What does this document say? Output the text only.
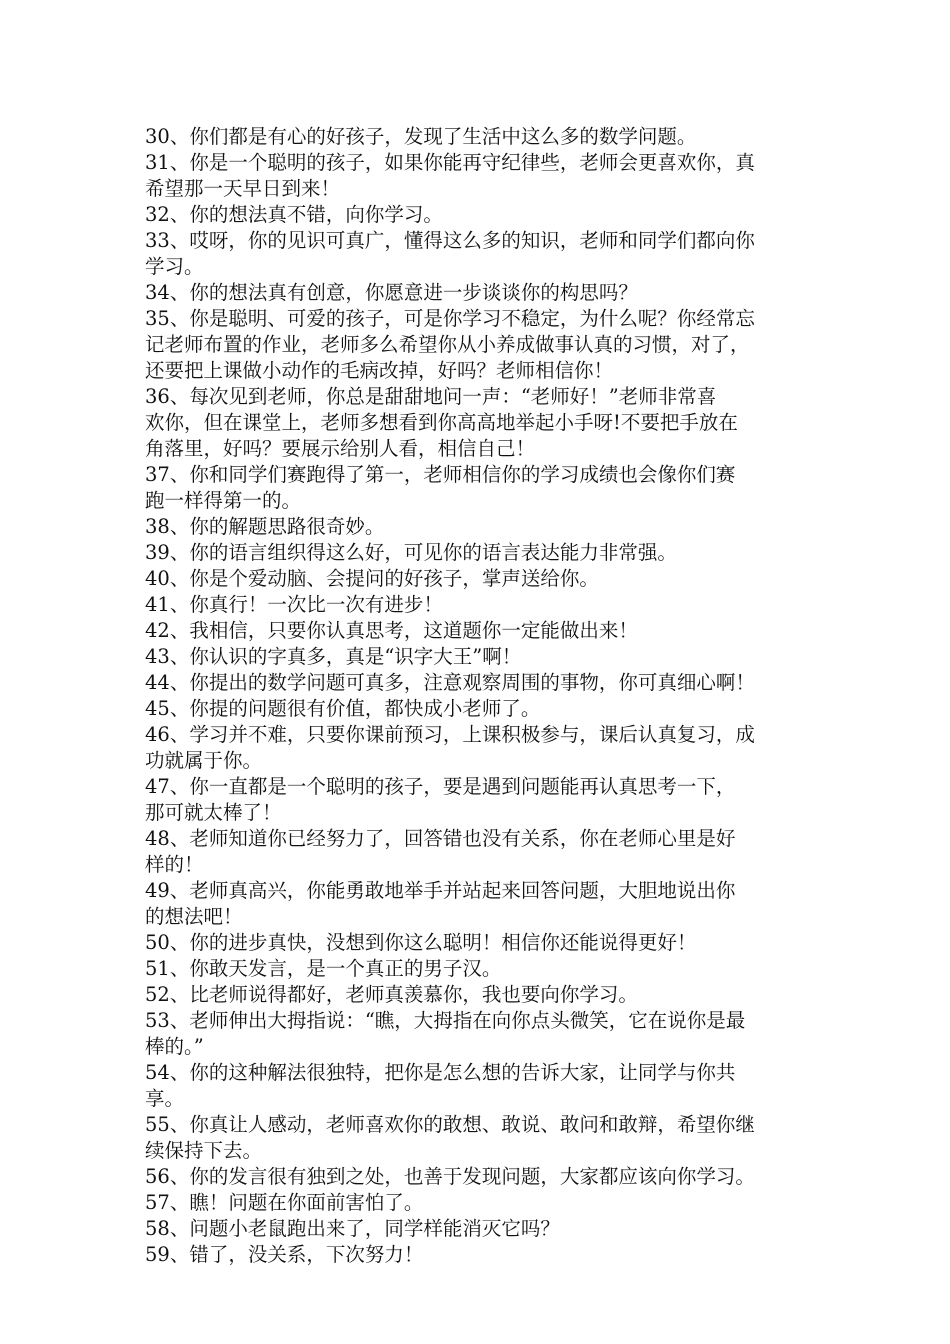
30、你们都是有心的好孩子，发现了生活中这么多的数学问题。

31、你是一个聪明的孩子，如果你能再守纪律些，老师会更喜欢你，真

希望那一天早日到来！

32、你的想法真不错，向你学习。

33、哎呀，你的见识可真广，懂得这么多的知识，老师和同学们都向你

学习。

34、你的想法真有创意，你愿意进一步谈谈你的构思吗？

35、你是聪明、可爱的孩子，可是你学习不稳定，为什么呢？你经常忘

记老师布置的作业，老师多么希望你从小养成做事认真的习惯，对了，

还要把上课做小动作的毛病改掉，好吗？老师相信你！

36、每次见到老师，你总是甜甜地问一声：“老师好！”老师非常喜

欢你，但在课堂上，老师多想看到你高高地举起小手呀!不要把手放在

角落里，好吗？要展示给别人看，相信自己！

37、你和同学们赛跑得了第一，老师相信你的学习成绩也会像你们赛

跑一样得第一的。

38、你的解题思路很奇妙。

39、你的语言组织得这么好，可见你的语言表达能力非常强。

40、你是个爱动脑、会提问的好孩子，掌声送给你。

41、你真行！一次比一次有进步！

42、我相信，只要你认真思考，这道题你一定能做出来！

43、你认识的字真多，真是“识字大王”啊！

44、你提出的数学问题可真多，注意观察周围的事物，你可真细心啊！

45、你提的问题很有价值，都快成小老师了。

46、学习并不难，只要你课前预习，上课积极参与，课后认真复习，成

功就属于你。

47、你一直都是一个聪明的孩子，要是遇到问题能再认真思考一下，

那可就太棒了！

48、老师知道你已经努力了，回答错也没有关系，你在老师心里是好

样的！

49、老师真高兴，你能勇敢地举手并站起来回答问题，大胆地说出你

的想法吧！

50、你的进步真快，没想到你这么聪明！相信你还能说得更好！

51、你敢天发言，是一个真正的男子汉。

52、比老师说得都好，老师真羡慕你，我也要向你学习。

53、老师伸出大拇指说：“瞧，大拇指在向你点头微笑，它在说你是最

棒的。”

54、你的这种解法很独特，把你是怎么想的告诉大家，让同学与你共

享。

55、你真让人感动，老师喜欢你的敢想、敢说、敢问和敢辩，希望你继

续保持下去。

56、你的发言很有独到之处，也善于发现问题，大家都应该向你学习。

57、瞧！问题在你面前害怕了。

58、问题小老鼠跑出来了，同学样能消灭它吗？

59、错了，没关系，下次努力！
